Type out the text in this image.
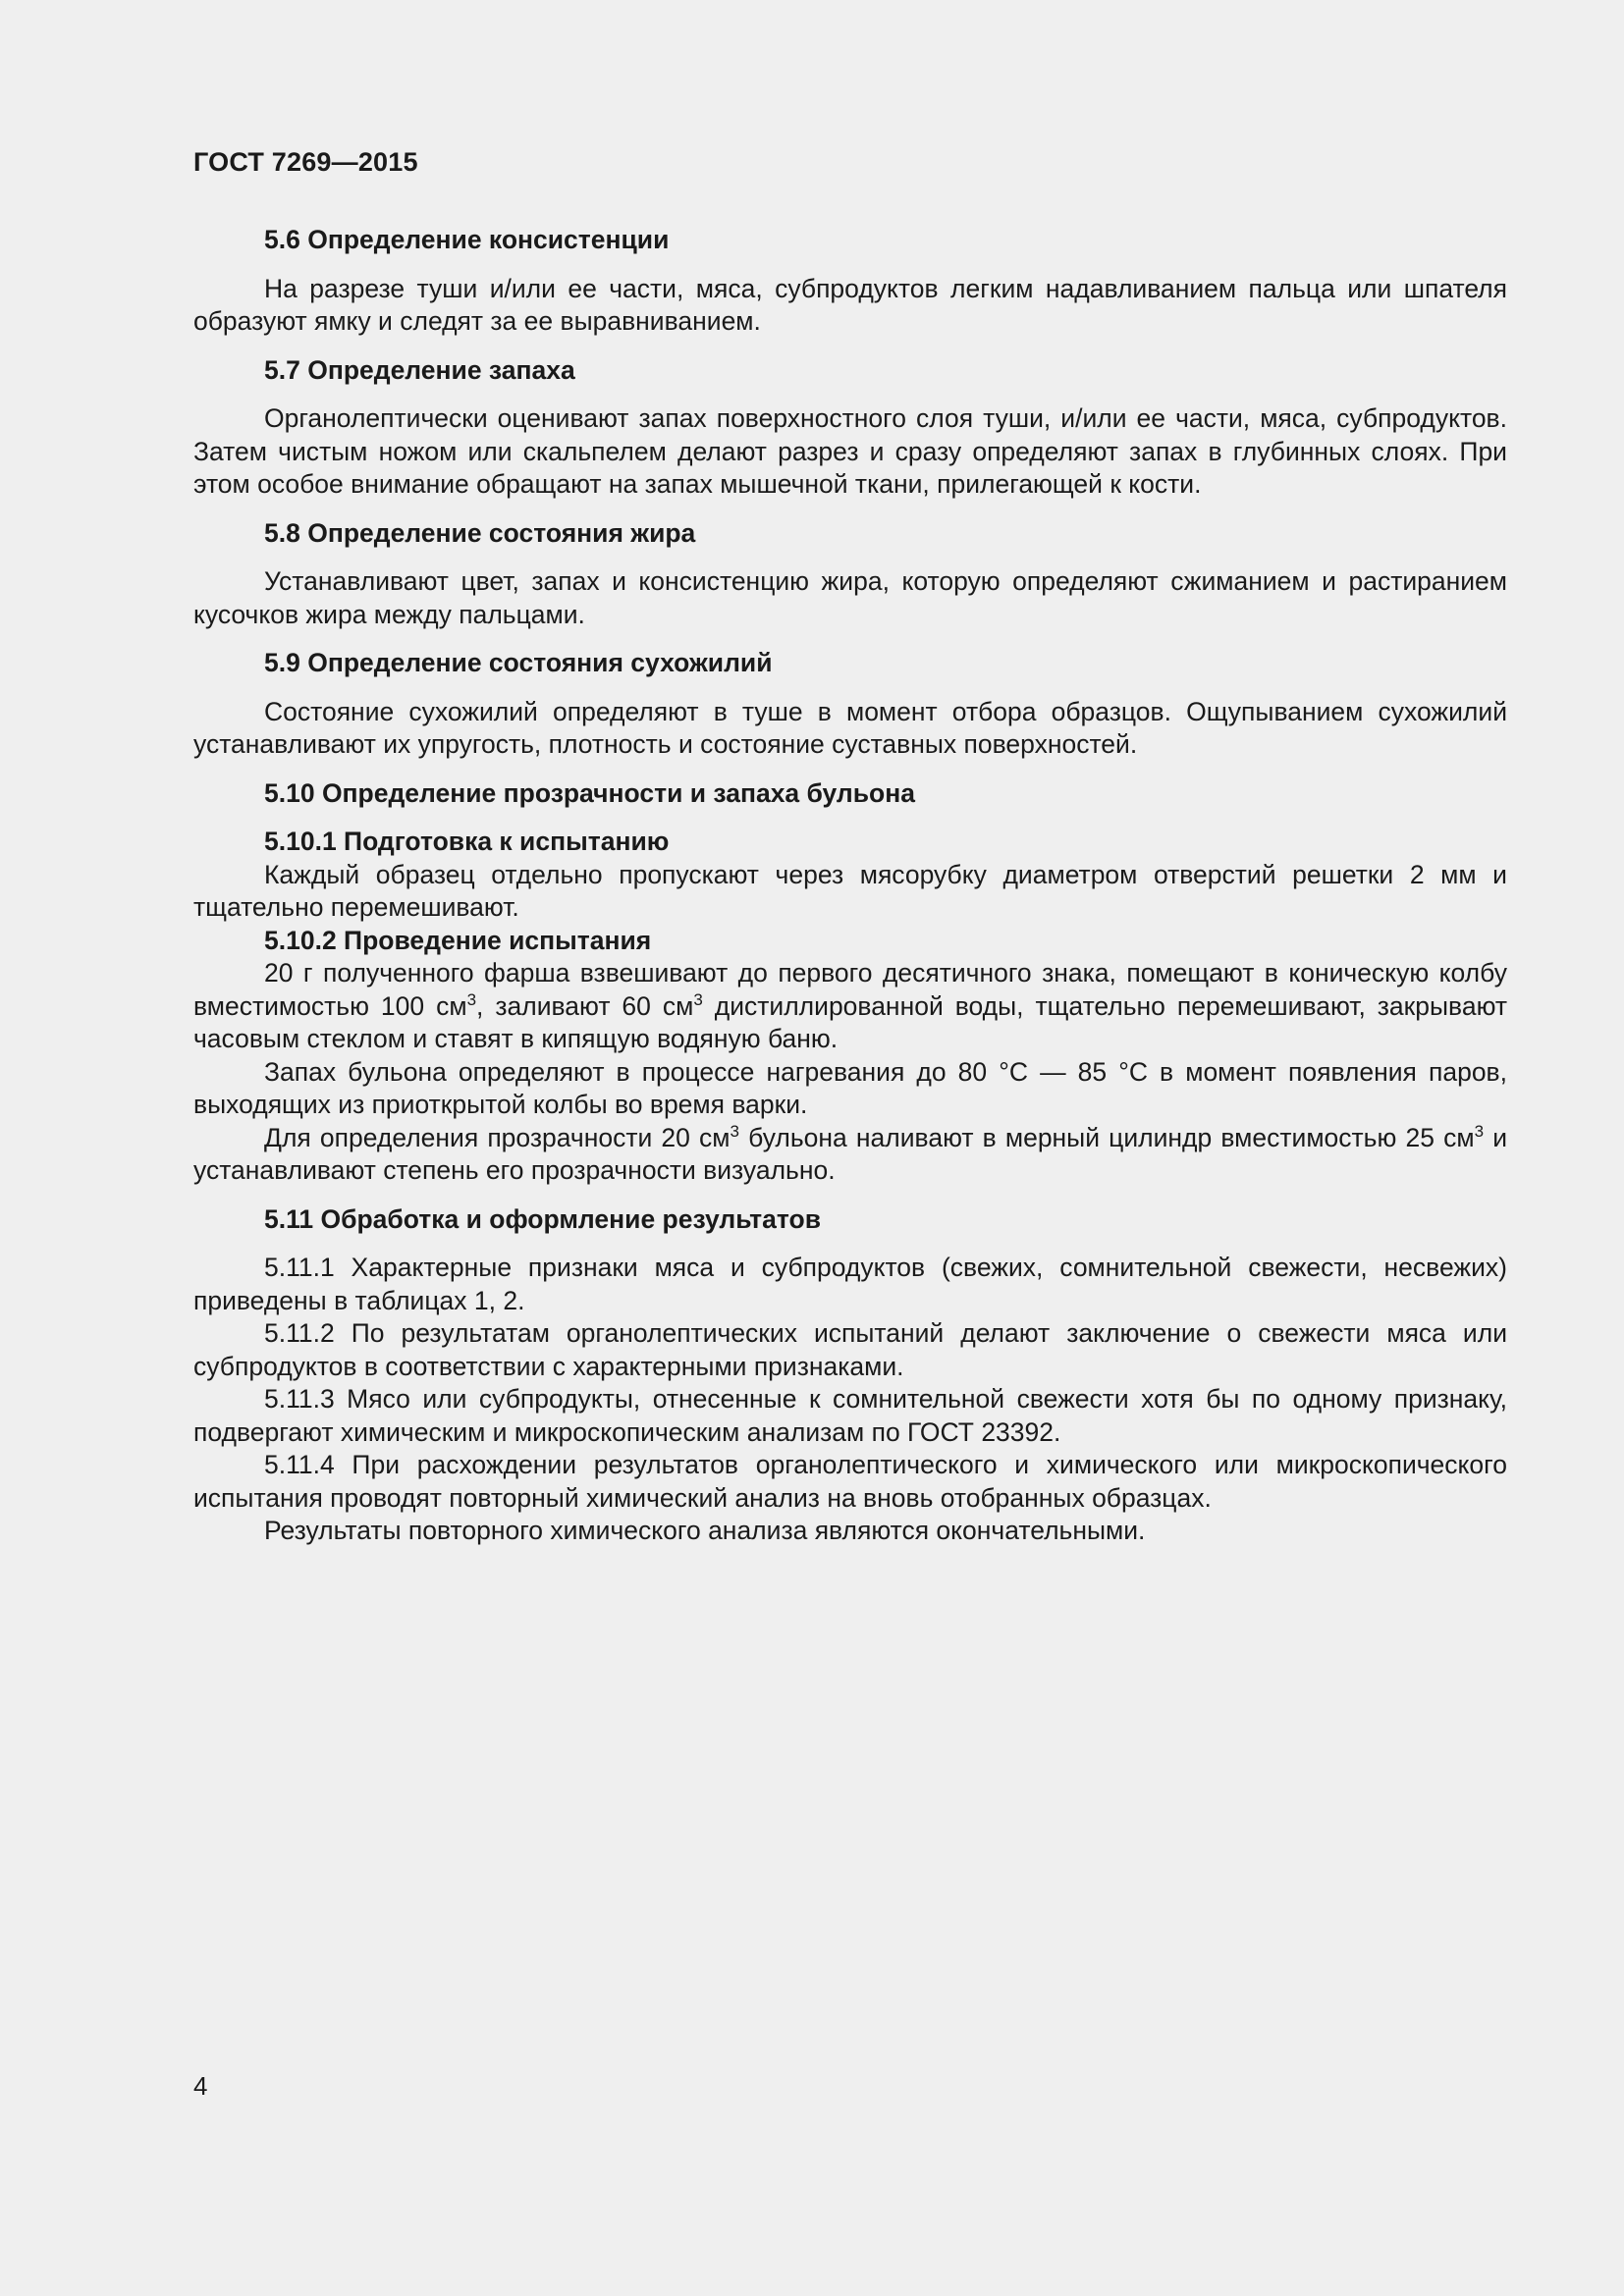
ГОСТ 7269—2015

5.6 Определение консистенции

На разрезе туши и/или ее части, мяса, субпродуктов легким надавливанием пальца или шпателя образуют ямку и следят за ее выравниванием.

5.7 Определение запаха

Органолептически оценивают запах поверхностного слоя туши, и/или ее части, мяса, субпродуктов. Затем чистым ножом или скальпелем делают разрез и сразу определяют запах в глубинных слоях. При этом особое внимание обращают на запах мышечной ткани, прилегающей к кости.

5.8 Определение состояния жира

Устанавливают цвет, запах и консистенцию жира, которую определяют сжиманием и растиранием кусочков жира между пальцами.

5.9 Определение состояния сухожилий

Состояние сухожилий определяют в туше в момент отбора образцов. Ощупыванием сухожилий устанавливают их упругость, плотность и состояние суставных поверхностей.

5.10 Определение прозрачности и запаха бульона

5.10.1 Подготовка к испытанию

Каждый образец отдельно пропускают через мясорубку диаметром отверстий решетки 2 мм и тщательно перемешивают.

5.10.2 Проведение испытания

20 г полученного фарша взвешивают до первого десятичного знака, помещают в коническую колбу вместимостью 100 $см^3$, заливают 60 $см^3$ дистиллированной воды, тщательно перемешивают, закрывают часовым стеклом и ставят в кипящую водяную баню.

Запах бульона определяют в процессе нагревания до 80 °С — 85 °С в момент появления паров, выходящих из приоткрытой колбы во время варки.

Для определения прозрачности 20 $см^3$ бульона наливают в мерный цилиндр вместимостью 25 $см^3$ и устанавливают степень его прозрачности визуально.

5.11 Обработка и оформление результатов

5.11.1 Характерные признаки мяса и субпродуктов (свежих, сомнительной свежести, несвежих) приведены в таблицах 1, 2.

5.11.2 По результатам органолептических испытаний делают заключение о свежести мяса или субпродуктов в соответствии с характерными признаками.

5.11.3 Мясо или субпродукты, отнесенные к сомнительной свежести хотя бы по одному признаку, подвергают химическим и микроскопическим анализам по ГОСТ 23392.

5.11.4 При расхождении результатов органолептического и химического или микроскопического испытания проводят повторный химический анализ на вновь отобранных образцах.

Результаты повторного химического анализа являются окончательными.

4
